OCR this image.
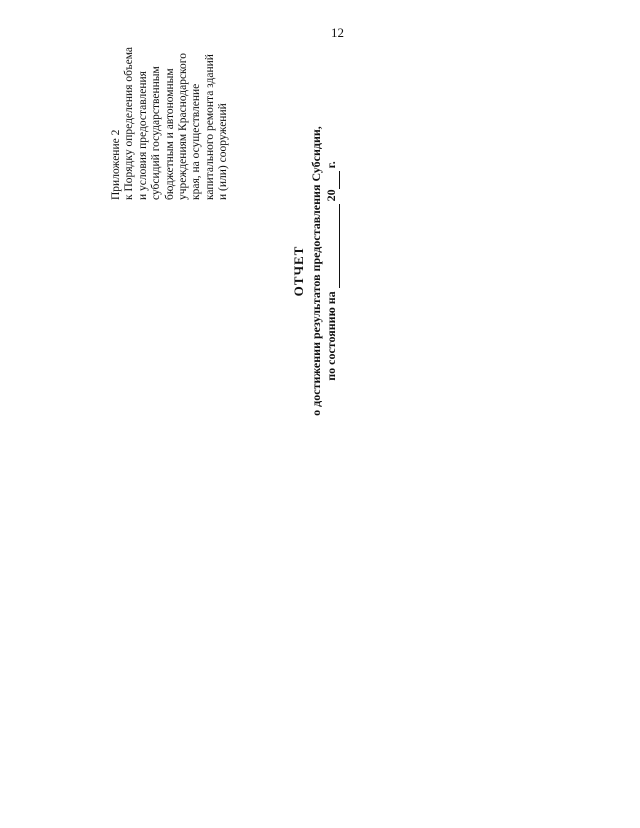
12
Приложение 2 к Порядку определения объема и условия предоставления субсидий государственным бюджетным и автономным учреждениям Краснодарского края, на осуществление капитального ремонта зданий и (или) сооружений
ОТЧЕТ о достижении результатов предоставления Субсидии, по состоянию на   20  г.
